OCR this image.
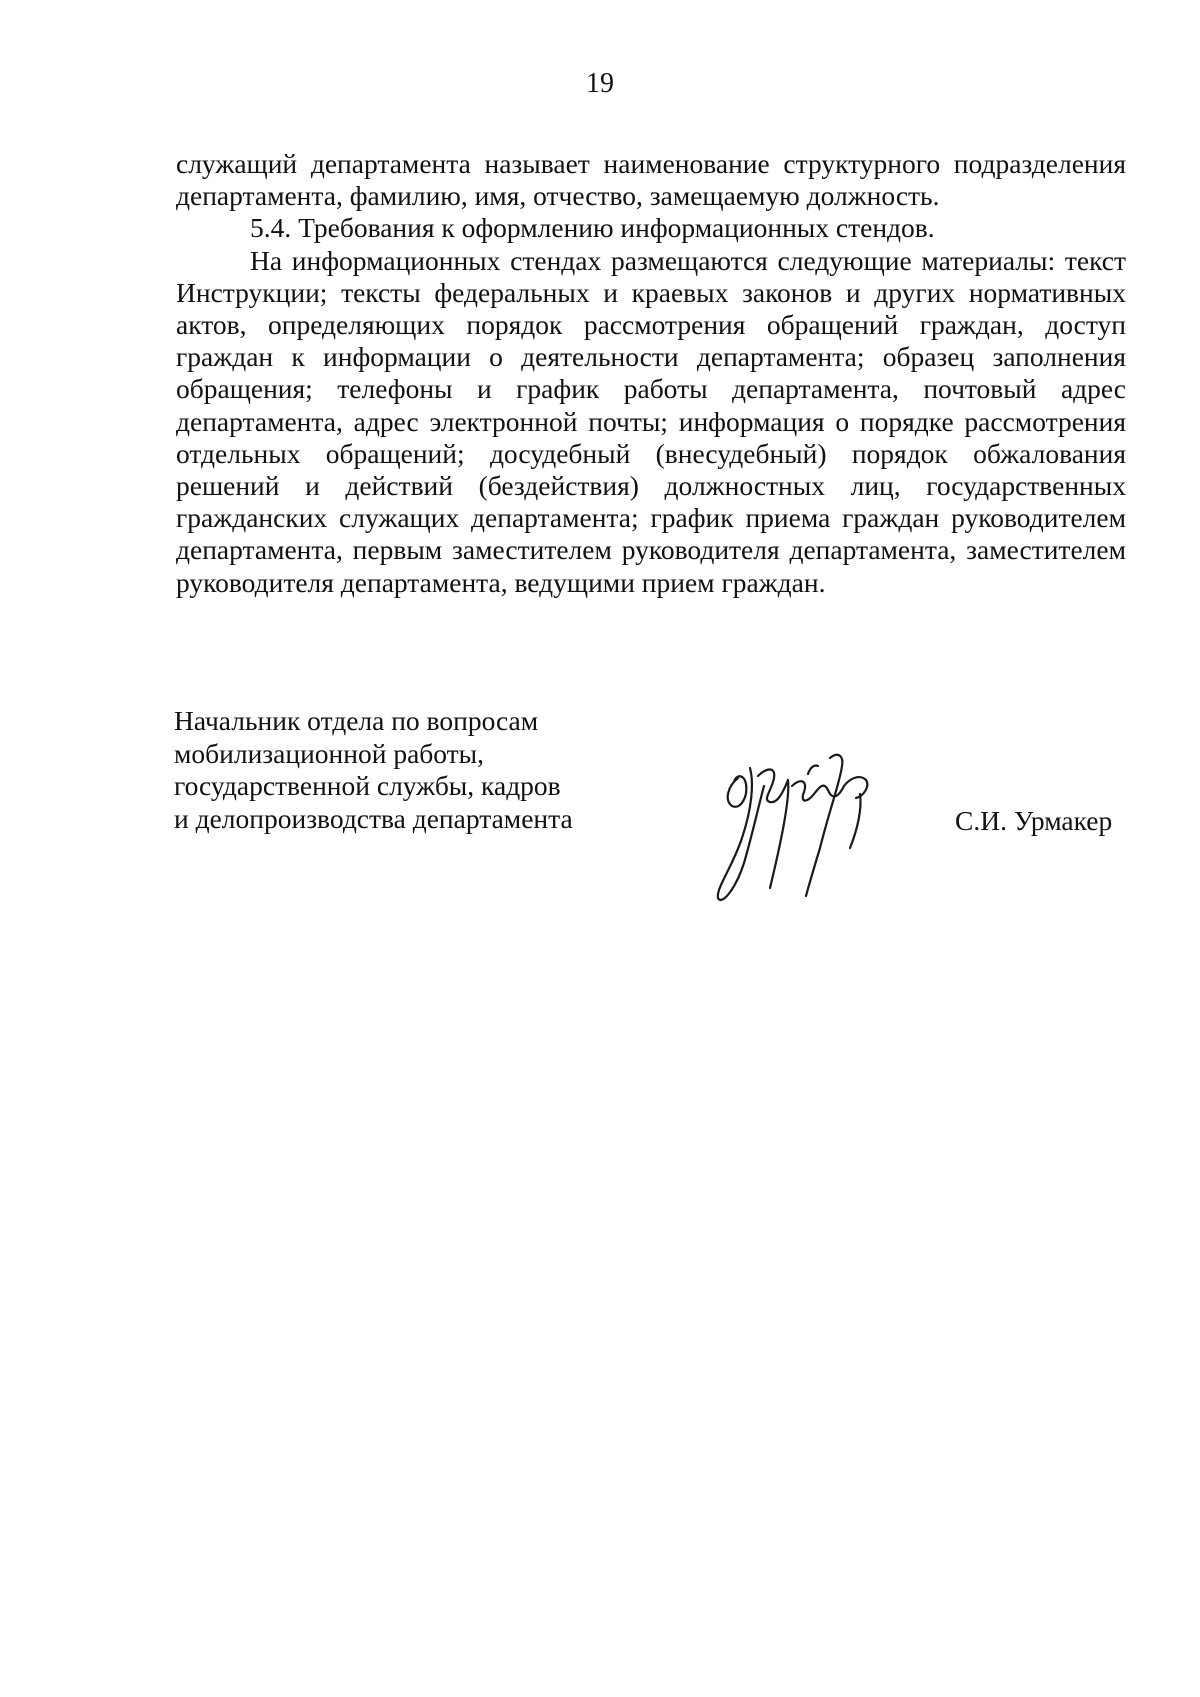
19

служащий департамента называет наименование структурного подразделения департамента, фамилию, имя, отчество, замещаемую должность.

5.4. Требования к оформлению информационных стендов.

На информационных стендах размещаются следующие материалы: текст Инструкции; тексты федеральных и краевых законов и других нормативных актов, определяющих порядок рассмотрения обращений граждан, доступ граждан к информации о деятельности департамента; образец заполнения обращения; телефоны и график работы департамента, почтовый адрес департамента, адрес электронной почты; информация о порядке рассмотрения отдельных обращений; досудебный (внесудебный) порядок обжалования решений и действий (бездействия) должностных лиц, государственных гражданских служащих департамента; график приема граждан руководителем департамента, первым заместителем руководителя департамента, заместителем руководителя департамента, ведущими прием граждан.

Начальник отдела по вопросам
мобилизационной работы,
государственной службы, кадров
и делопроизводства департамента	С.И. Урмакер
